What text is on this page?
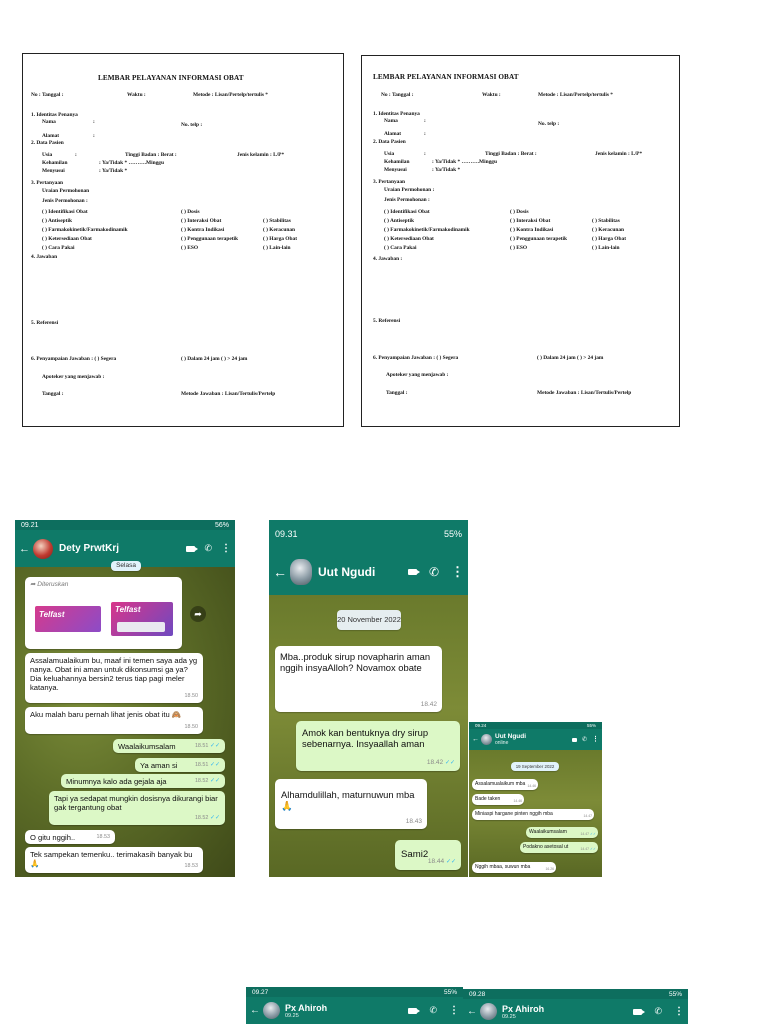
LEMBAR PELAYANAN INFORMASI OBAT
No : Tanggal :	Waktu :	Metode : Lisan/Pertelp/tertulis *
1. Identitas Penanya
Nama	:	No. telp :
Alamat	:
2. Data Pasien
Usia	:	Tinggi Badan : Berat :	Jenis kelamin : L/P*
Kehamilan	: Ya/Tidak * ……….Minggu
Menyusui	: Ya/Tidak *
3. Pertanyaan
Uraian Permohonan
Jenis Permohonan :
( ) Identifikasi Obat	( ) Dosis
( ) Antiseptik	( ) Interaksi Obat	( ) Stabilitas
( ) Farmakokinetik/Farmakodinamik	( ) Kontra Indikasi	( ) Keracunan
( ) Ketersediaan Obat	( ) Penggunaan terapetik	( ) Harga Obat
( ) Cara Pakai	( ) ESO	( ) Lain-lain
4. Jawaban
5. Referensi
6. Penyampaian Jawaban : ( ) Segera	( ) Dalam 24 jam ( ) > 24 jam
Apoteker yang menjawab :
Tanggal :	Metode Jawaban : Lisan/Tertulis/Pertelp
LEMBAR PELAYANAN INFORMASI OBAT
No : Tanggal :	Waktu :	Metode : Lisan/Pertelp/tertulis *
1. Identitas Penanya
Nama	:	No. telp :
Alamat	:
2. Data Pasien
Usia	:	Tinggi Badan : Berat :	Jenis kelamin : L/P*
Kehamilan	: Ya/Tidak * ……….Minggu
Menyusui	: Ya/Tidak *
3. Pertanyaan
Uraian Permohonan :
Jenis Permohonan :
( ) Identifikasi Obat	( ) Dosis
( ) Antiseptik	( ) Interaksi Obat	( ) Stabilitas
( ) Farmakokinetik/Farmakodinamik	( ) Kontra Indikasi	( ) Keracunan
( ) Ketersediaan Obat	( ) Penggunaan terapetik	( ) Harga Obat
( ) Cara Pakai	( ) ESO	( ) Lain-lain
4. Jawaban :
5. Referensi
6. Penyampaian Jawaban : ( ) Segera	( ) Dalam 24 jam ( ) > 24 jam
Apoteker yang menjawab :
Tanggal :	Metode Jawaban : Lisan/Tertulis/Pertelp
09.21	56%
←	Dety PrwtKrj	✆ ⋮
Selasa
➦ Diteruskan
Telfast
Telfast
18.50
➦
Assalamualaikum bu, maaf ini temen saya ada yg nanya. Obat ini aman untuk dikonsumsi ga ya? Dia keluahannya bersin2 terus tiap pagi meler katanya.
18.50
Aku malah baru pernah lihat jenis obat itu 🙈
18.50
Waalaikumsalam	18.51 ✓✓
Ya aman si	18.51 ✓✓
Minumnya kalo ada gejala aja	18.52 ✓✓
Tapi ya sedapat mungkin dosisnya dikurangi biar gak tergantung obat
18.52 ✓✓
O gitu nggih..	18.53
Tek sampekan temenku.. terimakasih banyak bu 🙏	18.53
09.31	55%
←	Uut Ngudi	✆ ⋮
20 November 2022
Mba..produk sirup novapharin aman nggih insyaAlloh? Novamox obate
18.42
Amok kan bentuknya dry sirup sebenarnya. Insyaallah aman
18.42 ✓✓
Alhamdulillah, maturnuwun mba 🙏
18.43
Sami2
18.44 ✓✓
09.24	55%
← Uut Ngudi
online
✆ ⋮
19 September 2022
Assalamualaikum mba 14.46
Bade taken	14.46
Miniaspi hargane pinten nggih mba	14.47
Waalaikumsalam	14.47 ✓✓
Podakno asetosal ut	14.47 ✓✓
Nggih mbaa, suwun mba	16.26
09.27	55%
←	Px Ahiroh
09.25
✆ ⋮
09.28	55%
←	Px Ahiroh
09.25
✆ ⋮
